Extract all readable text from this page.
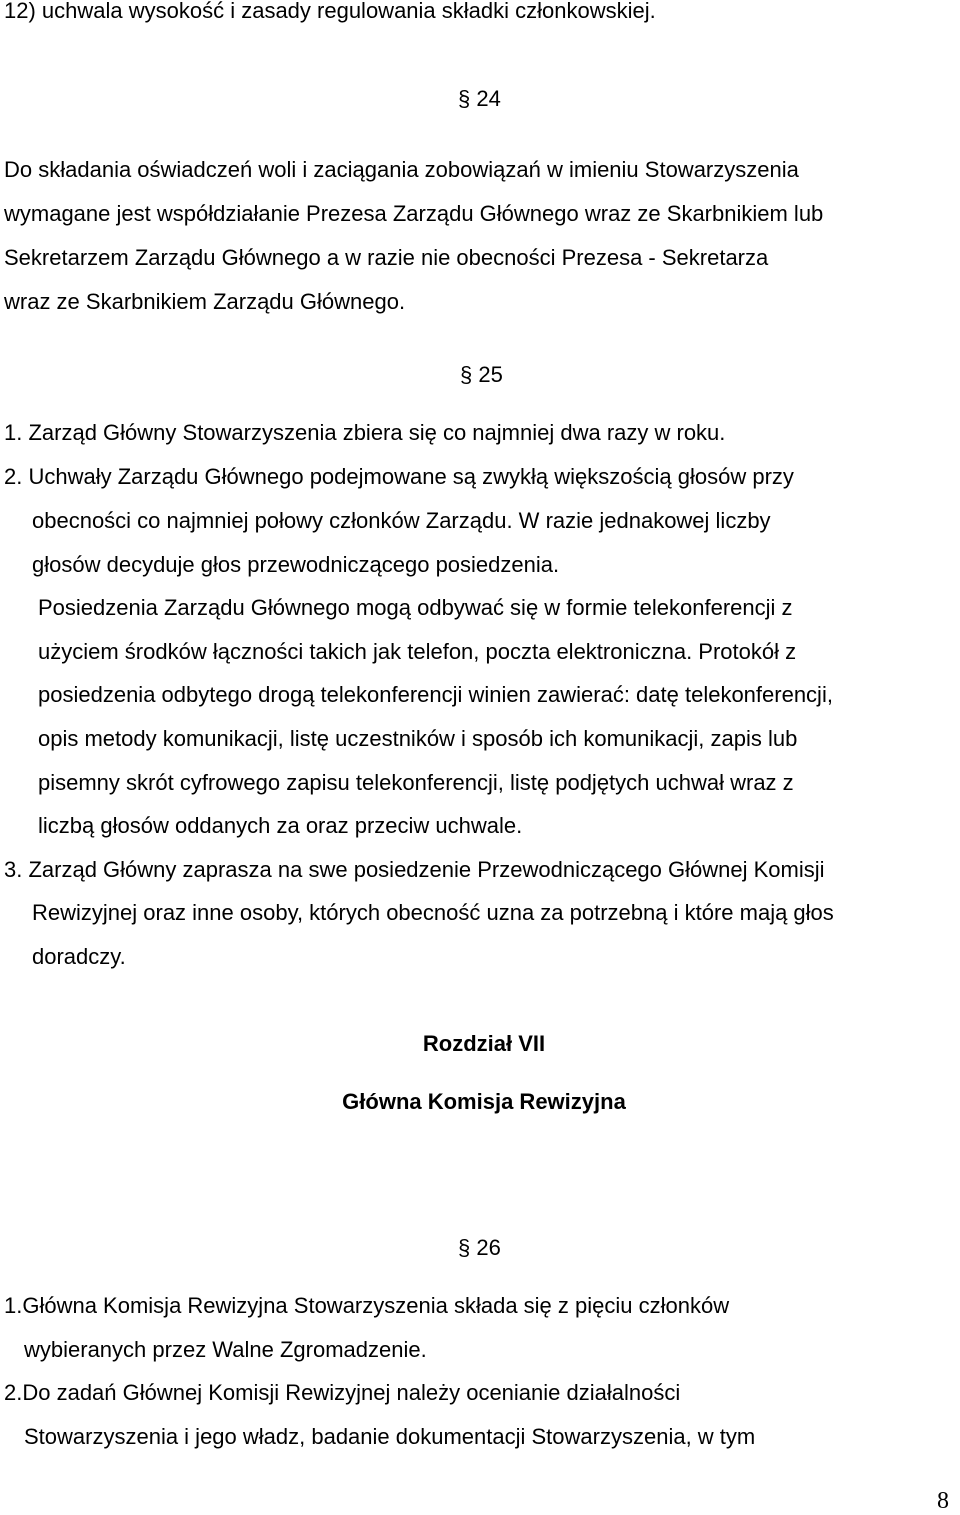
12) uchwala wysokość i zasady regulowania składki członkowskiej.

§ 24

Do składania oświadczeń woli i zaciągania zobowiązań w imieniu Stowarzyszenia

wymagane jest współdziałanie Prezesa Zarządu Głównego wraz ze Skarbnikiem lub

Sekretarzem Zarządu Głównego a w razie nie obecności Prezesa - Sekretarza

wraz ze Skarbnikiem Zarządu Głównego.

§ 25

1. Zarząd Główny Stowarzyszenia zbiera się co najmniej dwa razy w roku.

2. Uchwały Zarządu Głównego podejmowane są zwykłą większością głosów przy

obecności co najmniej połowy członków Zarządu. W razie jednakowej liczby

głosów decyduje głos przewodniczącego posiedzenia.

Posiedzenia Zarządu Głównego mogą odbywać się w formie telekonferencji z

użyciem środków łączności takich jak telefon, poczta elektroniczna. Protokół z

posiedzenia odbytego drogą telekonferencji winien zawierać: datę telekonferencji,

opis metody komunikacji, listę uczestników i sposób ich komunikacji, zapis lub

pisemny skrót cyfrowego zapisu telekonferencji, listę podjętych uchwał wraz z

liczbą głosów oddanych za oraz przeciw uchwale.

3. Zarząd Główny zaprasza na swe posiedzenie Przewodniczącego Głównej Komisji

Rewizyjnej oraz inne osoby, których obecność uzna za potrzebną i które mają głos

doradczy.

Rozdział VII

Główna Komisja Rewizyjna

§ 26

1.Główna Komisja Rewizyjna Stowarzyszenia składa się z pięciu członków

wybieranych przez Walne Zgromadzenie.

2.Do zadań Głównej Komisji Rewizyjnej należy ocenianie działalności

Stowarzyszenia i jego władz, badanie dokumentacji Stowarzyszenia, w tym

8
